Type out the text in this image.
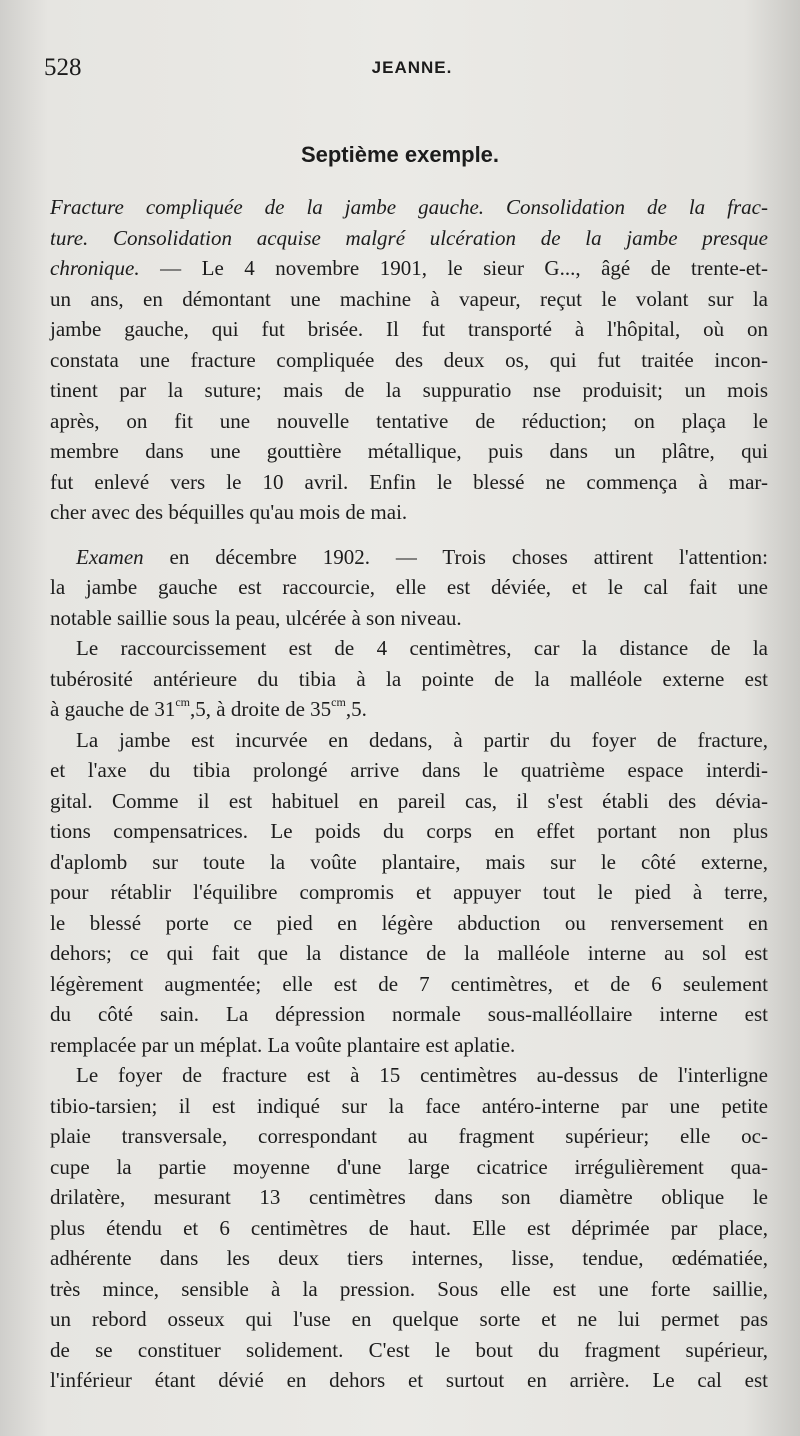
528	JEANNE.
Septième exemple.
Fracture compliquée de la jambe gauche. Consolidation de la frac-
ture. Consolidation acquise malgré ulcération de la jambe presque
chronique. — Le 4 novembre 1901, le sieur G..., âgé de trente-et-
un ans, en démontant une machine à vapeur, reçut le volant sur la
jambe gauche, qui fut brisée. Il fut transporté à l'hôpital, où on
constata une fracture compliquée des deux os, qui fut traitée incon-
tinent par la suture; mais de la suppuratio nse produisit; un mois
après, on fit une nouvelle tentative de réduction; on plaça le
membre dans une gouttière métallique, puis dans un plâtre, qui
fut enlevé vers le 10 avril. Enfin le blessé ne commença à mar-
cher avec des béquilles qu'au mois de mai.
Examen en décembre 1902. — Trois choses attirent l'attention:
la jambe gauche est raccourcie, elle est déviée, et le cal fait une
notable saillie sous la peau, ulcérée à son niveau.
Le raccourcissement est de 4 centimètres, car la distance de la
tubérosité antérieure du tibia à la pointe de la malléole externe est
à gauche de $31^{cm},5$, à droite de $35^{cm},5$.
La jambe est incurvée en dedans, à partir du foyer de fracture,
et l'axe du tibia prolongé arrive dans le quatrième espace interdi-
gital. Comme il est habituel en pareil cas, il s'est établi des dévia-
tions compensatrices. Le poids du corps en effet portant non plus
d'aplomb sur toute la voûte plantaire, mais sur le côté externe,
pour rétablir l'équilibre compromis et appuyer tout le pied à terre,
le blessé porte ce pied en légère abduction ou renversement en
dehors; ce qui fait que la distance de la malléole interne au sol est
légèrement augmentée; elle est de 7 centimètres, et de 6 seulement
du côté sain. La dépression normale sous-malléollaire interne est
remplacée par un méplat. La voûte plantaire est aplatie.
Le foyer de fracture est à 15 centimètres au-dessus de l'interligne
tibio-tarsien; il est indiqué sur la face antéro-interne par une petite
plaie transversale, correspondant au fragment supérieur; elle oc-
cupe la partie moyenne d'une large cicatrice irrégulièrement qua-
drilatère, mesurant 13 centimètres dans son diamètre oblique le
plus étendu et 6 centimètres de haut. Elle est déprimée par place,
adhérente dans les deux tiers internes, lisse, tendue, œdématiée,
très mince, sensible à la pression. Sous elle est une forte saillie,
un rebord osseux qui l'use en quelque sorte et ne lui permet pas
de se constituer solidement. C'est le bout du fragment supérieur,
l'inférieur étant dévié en dehors et surtout en arrière. Le cal est
